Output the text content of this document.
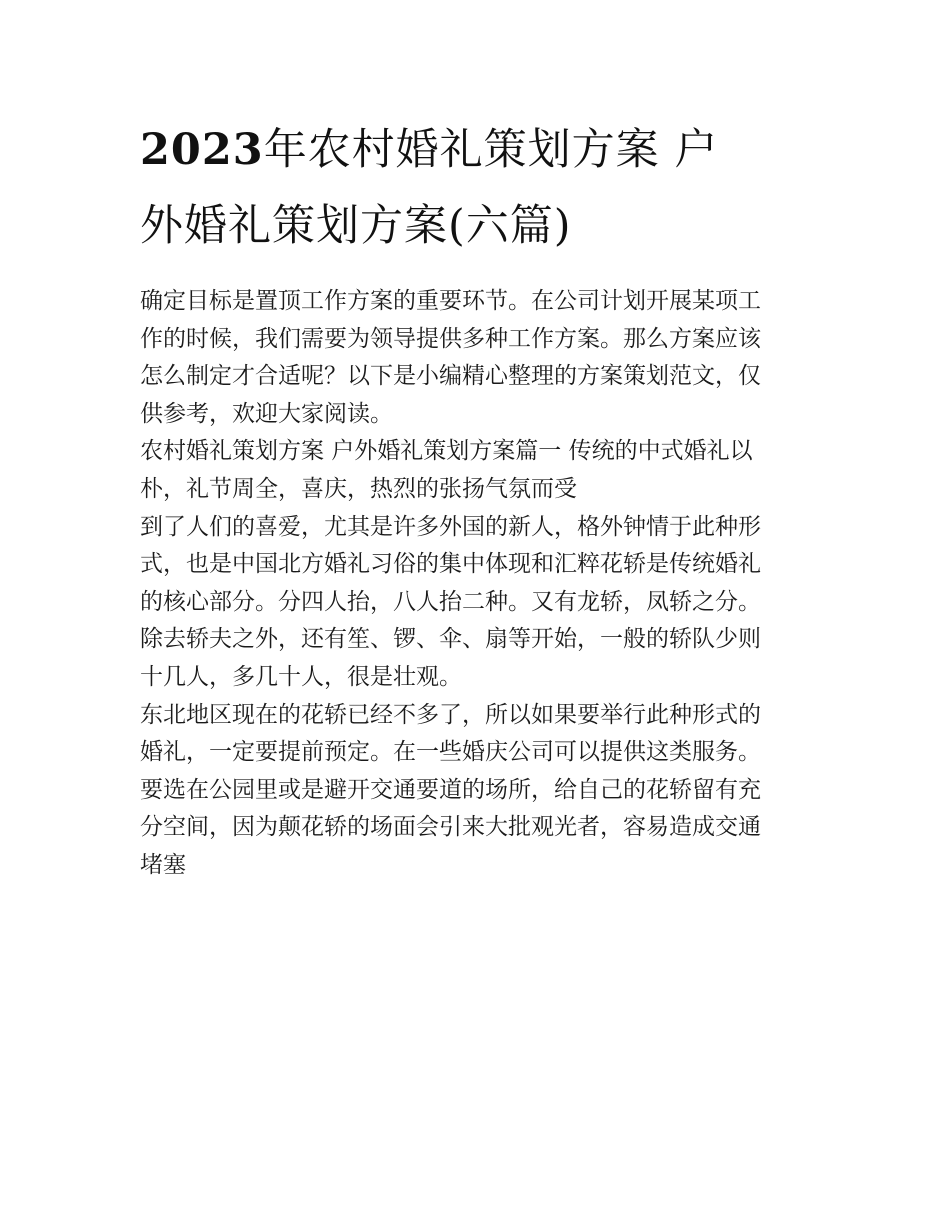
2023年农村婚礼策划方案 户
外婚礼策划方案(六篇)

确定目标是置顶工作方案的重要环节。在公司计划开展某项工
作的时候，我们需要为领导提供多种工作方案。那么方案应该
怎么制定才合适呢？以下是小编精心整理的方案策划范文，仅
供参考，欢迎大家阅读。

农村婚礼策划方案 户外婚礼策划方案篇一 传统的中式婚礼以
朴，礼节周全，喜庆，热烈的张扬气氛而受

到了人们的喜爱，尤其是许多外国的新人，格外钟情于此种形
式，也是中国北方婚礼习俗的集中体现和汇粹花轿是传统婚礼
的核心部分。分四人抬，八人抬二种。又有龙轿，凤轿之分。
除去轿夫之外，还有笙、锣、伞、扇等开始，一般的轿队少则
十几人，多几十人，很是壮观。

东北地区现在的花轿已经不多了，所以如果要举行此种形式的
婚礼，一定要提前预定。在一些婚庆公司可以提供这类服务。
要选在公园里或是避开交通要道的场所，给自己的花轿留有充
分空间，因为颠花轿的场面会引来大批观光者，容易造成交通
堵塞
